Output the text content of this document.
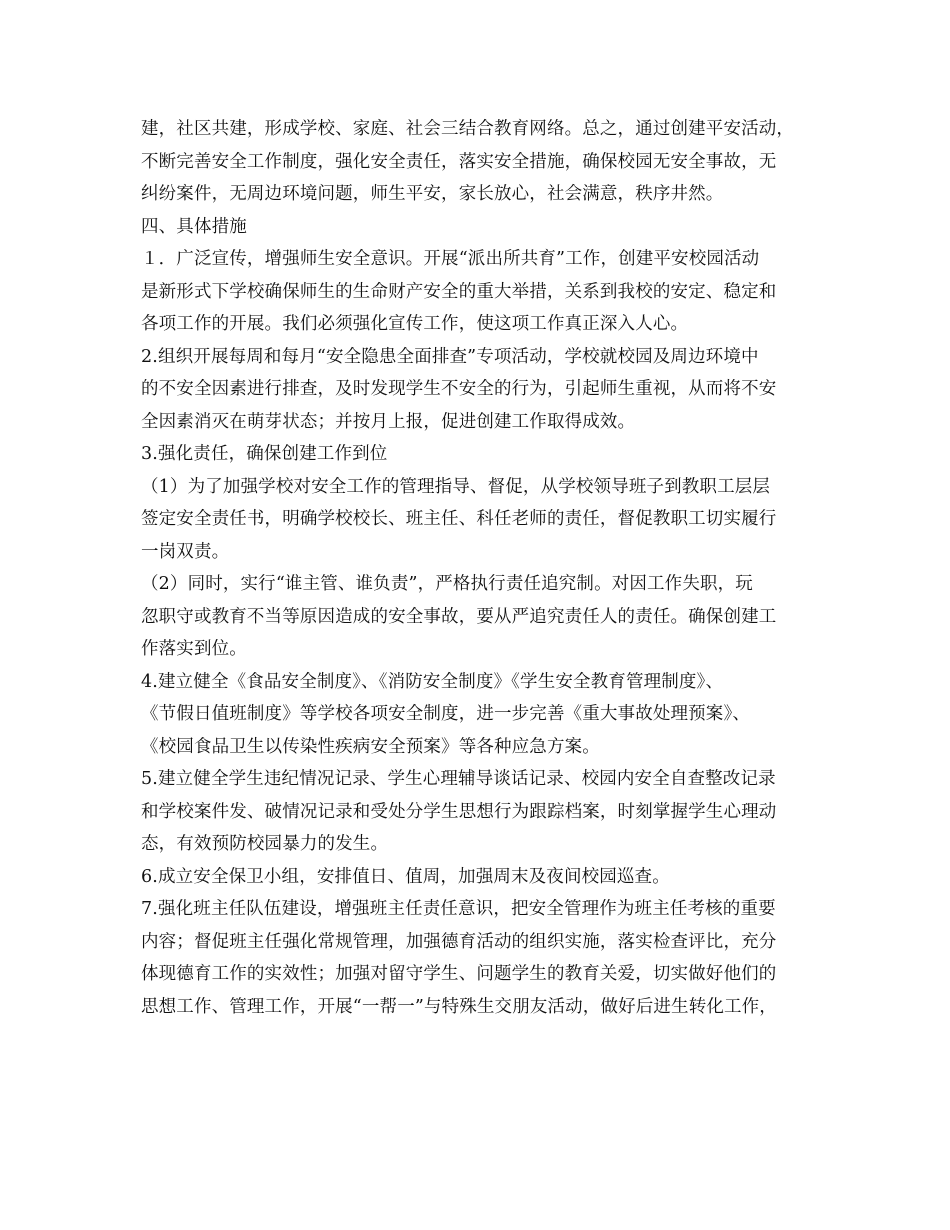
建，社区共建，形成学校、家庭、社会三结合教育网络。总之，通过创建平安活动，
不断完善安全工作制度，强化安全责任，落实安全措施，确保校园无安全事故，无
纠纷案件，无周边环境问题，师生平安，家长放心，社会满意，秩序井然。
四、具体措施
１．广泛宣传，增强师生安全意识。开展“派出所共育”工作，创建平安校园活动
是新形式下学校确保师生的生命财产安全的重大举措，关系到我校的安定、稳定和
各项工作的开展。我们必须强化宣传工作，使这项工作真正深入人心。
2.组织开展每周和每月“安全隐患全面排查”专项活动，学校就校园及周边环境中
的不安全因素进行排查，及时发现学生不安全的行为，引起师生重视，从而将不安
全因素消灭在萌芽状态；并按月上报，促进创建工作取得成效。
3.强化责任，确保创建工作到位
（1）为了加强学校对安全工作的管理指导、督促，从学校领导班子到教职工层层
签定安全责任书，明确学校校长、班主任、科任老师的责任，督促教职工切实履行
一岗双责。
（2）同时，实行“谁主管、谁负责”，严格执行责任追究制。对因工作失职，玩
忽职守或教育不当等原因造成的安全事故，要从严追究责任人的责任。确保创建工
作落实到位。
4.建立健全《食品安全制度》、《消防安全制度》《学生安全教育管理制度》、
《节假日值班制度》等学校各项安全制度，进一步完善《重大事故处理预案》、
《校园食品卫生以传染性疾病安全预案》等各种应急方案。
5.建立健全学生违纪情况记录、学生心理辅导谈话记录、校园内安全自查整改记录
和学校案件发、破情况记录和受处分学生思想行为跟踪档案，时刻掌握学生心理动
态，有效预防校园暴力的发生。
6.成立安全保卫小组，安排值日、值周，加强周末及夜间校园巡查。
7.强化班主任队伍建设，增强班主任责任意识，把安全管理作为班主任考核的重要
内容；督促班主任强化常规管理，加强德育活动的组织实施，落实检查评比，充分
体现德育工作的实效性；加强对留守学生、问题学生的教育关爱，切实做好他们的
思想工作、管理工作，开展“一帮一”与特殊生交朋友活动，做好后进生转化工作，
